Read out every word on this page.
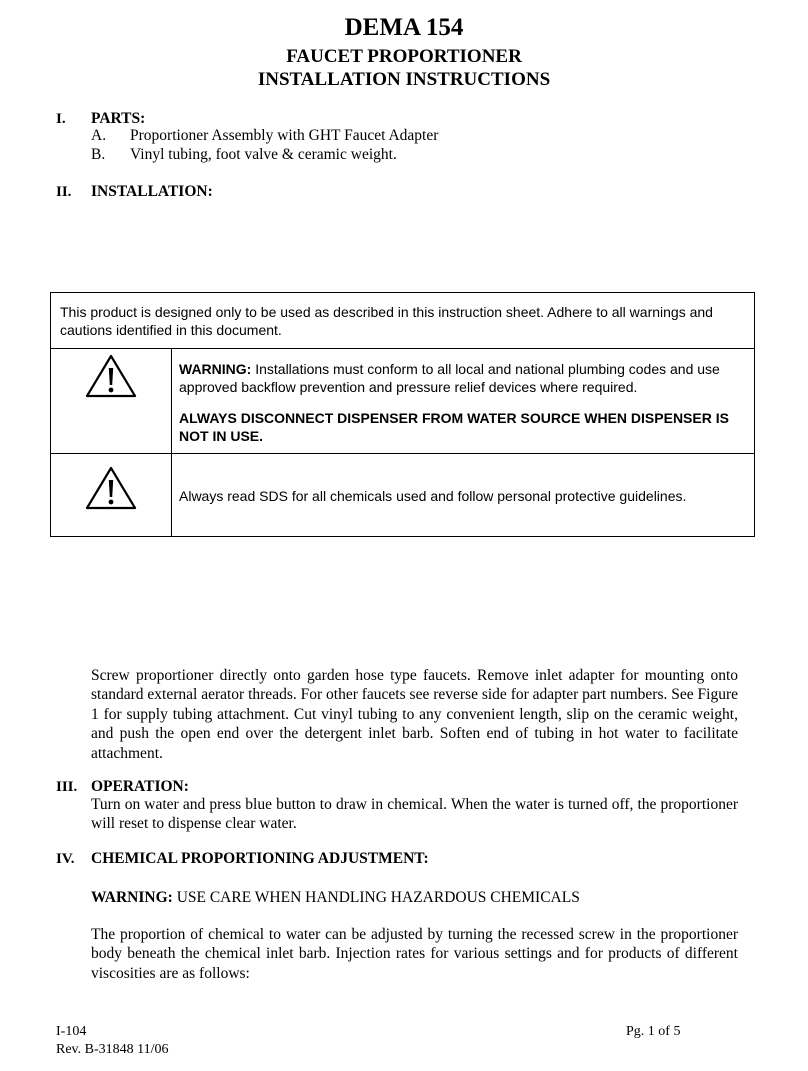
DEMA 154
FAUCET PROPORTIONER
INSTALLATION INSTRUCTIONS
I. PARTS:
A. Proportioner Assembly with GHT Faucet Adapter
B. Vinyl tubing, foot valve & ceramic weight.
II. INSTALLATION:
This product is designed only to be used as described in this instruction sheet. Adhere to all warnings and cautions identified in this document.
WARNING: Installations must conform to all local and national plumbing codes and use approved backflow prevention and pressure relief devices where required.
ALWAYS DISCONNECT DISPENSER FROM WATER SOURCE WHEN DISPENSER IS NOT IN USE.
Always read SDS for all chemicals used and follow personal protective guidelines.
Screw proportioner directly onto garden hose type faucets. Remove inlet adapter for mounting onto standard external aerator threads. For other faucets see reverse side for adapter part numbers. See Figure 1 for supply tubing attachment. Cut vinyl tubing to any convenient length, slip on the ceramic weight, and push the open end over the detergent inlet barb. Soften end of tubing in hot water to facilitate attachment.
III. OPERATION:
Turn on water and press blue button to draw in chemical. When the water is turned off, the proportioner will reset to dispense clear water.
IV. CHEMICAL PROPORTIONING ADJUSTMENT:
WARNING: USE CARE WHEN HANDLING HAZARDOUS CHEMICALS
The proportion of chemical to water can be adjusted by turning the recessed screw in the proportioner body beneath the chemical inlet barb. Injection rates for various settings and for products of different viscosities are as follows:
I-104
Rev. B-31848 11/06
Pg. 1 of 5
